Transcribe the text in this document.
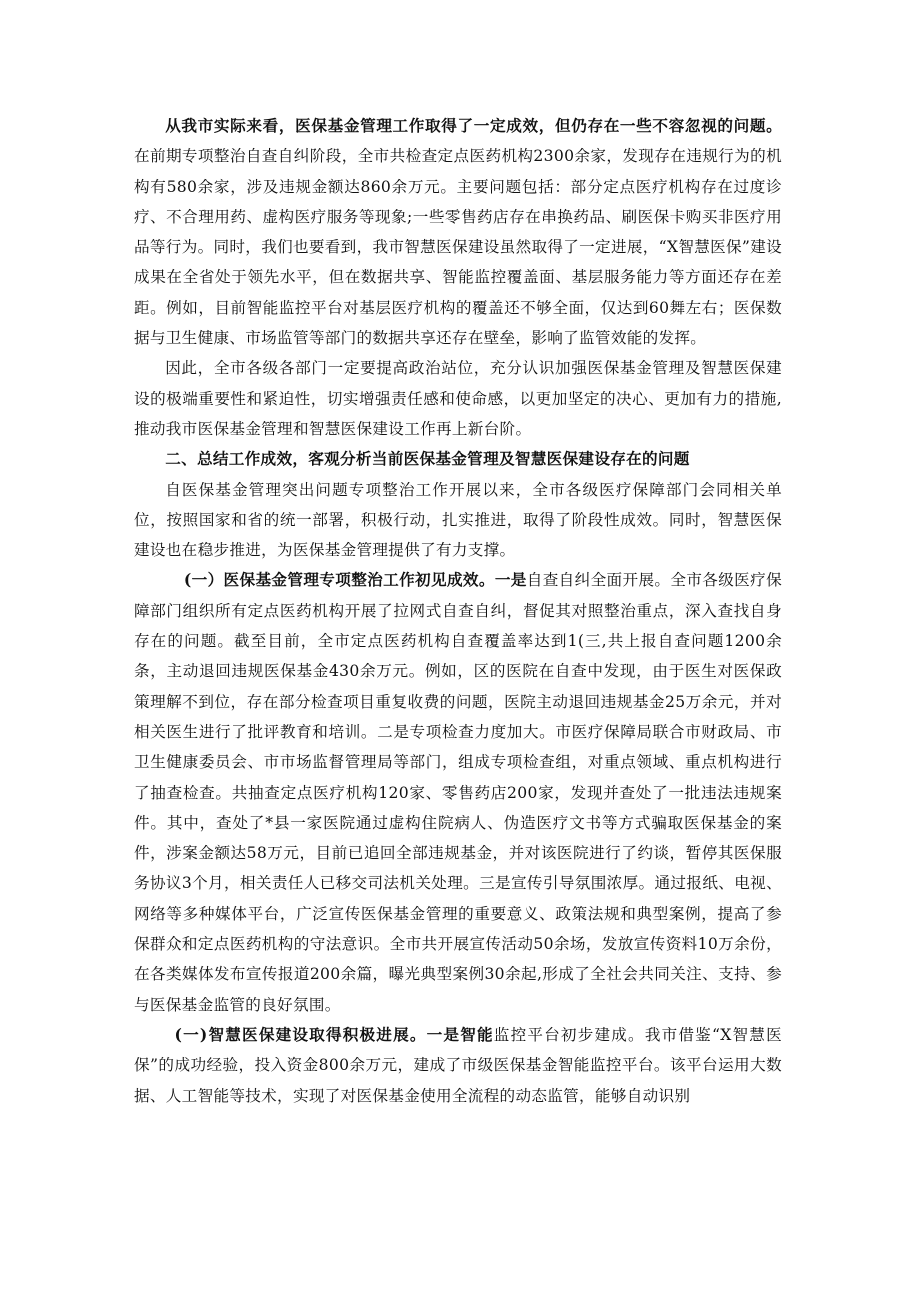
从我市实际来看，医保基金管理工作取得了一定成效，但仍存在一些不容忽视的问题。在前期专项整治自查自纠阶段，全市共检查定点医药机构2300余家，发现存在违规行为的机构有580余家，涉及违规金额达860余万元。主要问题包括：部分定点医疗机构存在过度诊疗、不合理用药、虚构医疗服务等现象;一些零售药店存在串换药品、刷医保卡购买非医疗用品等行为。同时，我们也要看到，我市智慧医保建设虽然取得了一定进展，“X智慧医保”建设成果在全省处于领先水平，但在数据共享、智能监控覆盖面、基层服务能力等方面还存在差距。例如，目前智能监控平台对基层医疗机构的覆盖还不够全面，仅达到60舞左右；医保数据与卫生健康、市场监管等部门的数据共享还存在壁垒，影响了监管效能的发挥。

因此，全市各级各部门一定要提高政治站位，充分认识加强医保基金管理及智慧医保建设的极端重要性和紧迫性，切实增强责任感和使命感，以更加坚定的决心、更加有力的措施,推动我市医保基金管理和智慧医保建设工作再上新台阶。

二、总结工作成效，客观分析当前医保基金管理及智慧医保建设存在的问题

自医保基金管理突出问题专项整治工作开展以来，全市各级医疗保障部门会同相关单位，按照国家和省的统一部署，积极行动，扎实推进，取得了阶段性成效。同时，智慧医保建设也在稳步推进，为医保基金管理提供了有力支撑。

(一）医保基金管理专项整治工作初见成效。一是自查自纠全面开展。全市各级医疗保障部门组织所有定点医药机构开展了拉网式自查自纠，督促其对照整治重点，深入查找自身存在的问题。截至目前，全市定点医药机构自查覆盖率达到1(三,共上报自查问题1200余条，主动退回违规医保基金430余万元。例如，区的医院在自查中发现，由于医生对医保政策理解不到位，存在部分检查项目重复收费的问题，医院主动退回违规基金25万余元，并对相关医生进行了批评教育和培训。二是专项检查力度加大。市医疗保障局联合市财政局、市卫生健康委员会、市市场监督管理局等部门，组成专项检查组，对重点领域、重点机构进行了抽查检查。共抽查定点医疗机构120家、零售药店200家，发现并查处了一批违法违规案件。其中，查处了*县一家医院通过虚构住院病人、伪造医疗文书等方式骗取医保基金的案件，涉案金额达58万元，目前已追回全部违规基金，并对该医院进行了约谈，暂停其医保服务协议3个月，相关责任人已移交司法机关处理。三是宣传引导氛围浓厚。通过报纸、电视、网络等多种媒体平台，广泛宣传医保基金管理的重要意义、政策法规和典型案例，提高了参保群众和定点医药机构的守法意识。全市共开展宣传活动50余场，发放宣传资料10万余份，在各类媒体发布宣传报道200余篇，曝光典型案例30余起,形成了全社会共同关注、支持、参与医保基金监管的良好氛围。

(一)智慧医保建设取得积极进展。一是智能监控平台初步建成。我市借鉴“X智慧医保”的成功经验，投入资金800余万元，建成了市级医保基金智能监控平台。该平台运用大数据、人工智能等技术，实现了对医保基金使用全流程的动态监管，能够自动识别
